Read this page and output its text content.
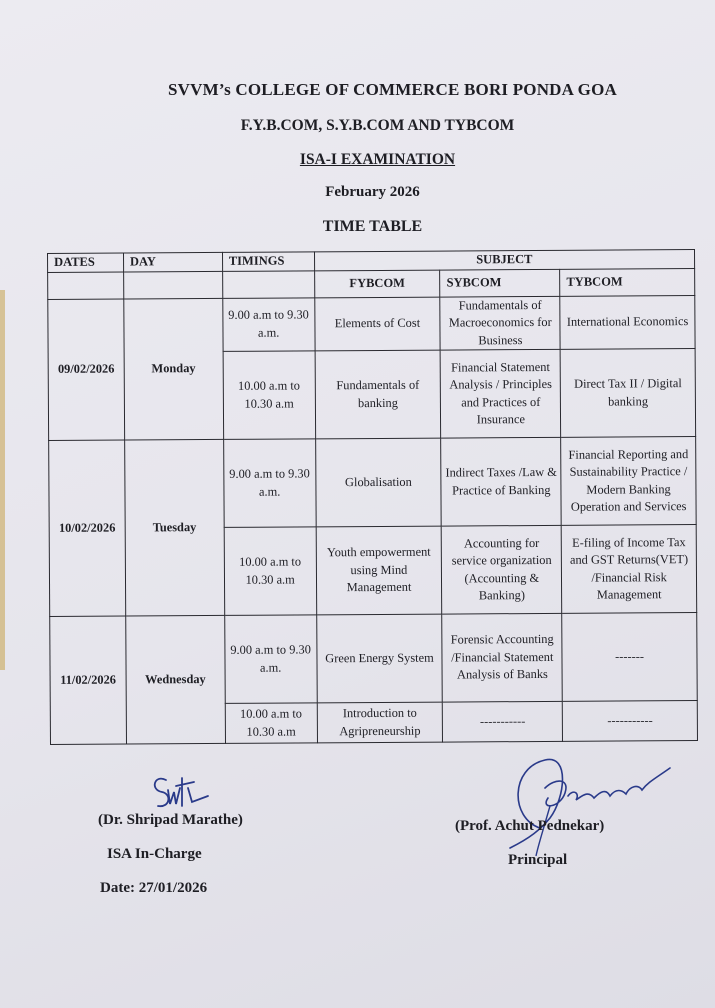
SVVM’s COLLEGE OF COMMERCE BORI PONDA GOA
F.Y.B.COM, S.Y.B.COM AND TYBCOM
ISA-I EXAMINATION
February 2026
TIME TABLE
DATES	DAY	TIMINGS	SUBJECT		
			FYBCOM	SYBCOM	TYBCOM
09/02/2026	Monday	9.00 a.m to 9.30 a.m.	Elements of Cost	Fundamentals of Macroeconomics for Business	International Economics
		10.00 a.m to 10.30 a.m	Fundamentals of banking	Financial Statement Analysis / Principles and Practices of Insurance	Direct Tax II / Digital banking
10/02/2026	Tuesday	9.00 a.m to 9.30 a.m.	Globalisation	Indirect Taxes /Law & Practice of Banking	Financial Reporting and Sustainability Practice / Modern Banking Operation and Services
		10.00 a.m to 10.30 a.m	Youth empowerment using Mind Management	Accounting for service organization (Accounting & Banking)	E-filing of Income Tax and GST Returns(VET) /Financial Risk Management
11/02/2026	Wednesday	9.00 a.m to 9.30 a.m.	Green Energy System	Forensic Accounting /Financial Statement Analysis of Banks	-------
		10.00 a.m to 10.30 a.m	Introduction to Agripreneurship	-----------	-----------
(Dr. Shripad Marathe)
ISA In-Charge
Date: 27/01/2026
(Prof. Achut Pednekar)
Principal
